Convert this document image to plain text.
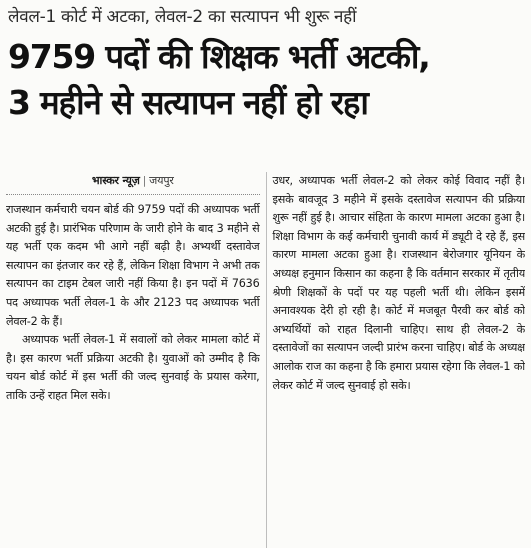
लेवल-1 कोर्ट में अटका, लेवल-2 का सत्यापन भी शुरू नहीं
9759 पदों की शिक्षक भर्ती अटकी,
3 महीने से सत्यापन नहीं हो रहा
भास्कर न्यूज़ | जयपुर

राजस्थान कर्मचारी चयन बोर्ड की 9759 पदों की अध्यापक भर्ती अटकी हुई है। प्रारंभिक परिणाम के जारी होने के बाद 3 महीने से यह भर्ती एक कदम भी आगे नहीं बढ़ी है। अभ्यर्थी दस्तावेज सत्यापन का इंतजार कर रहे हैं, लेकिन शिक्षा विभाग ने अभी तक सत्यापन का टाइम टेबल जारी नहीं किया है। इन पदों में 7636 पद अध्यापक भर्ती लेवल-1 के और 2123 पद अध्यापक भर्ती लेवल-2 के हैं।

अध्यापक भर्ती लेवल-1 में सवालों को लेकर मामला कोर्ट में है। इस कारण भर्ती प्रक्रिया अटकी है। युवाओं को उम्मीद है कि चयन बोर्ड कोर्ट में इस भर्ती की जल्द सुनवाई के प्रयास करेगा, ताकि उन्हें राहत मिल सके।

उधर, अध्यापक भर्ती लेवल-2 को लेकर कोई विवाद नहीं है। इसके बावजूद 3 महीने में इसके दस्तावेज सत्यापन की प्रक्रिया शुरू नहीं हुई है। आचार संहिता के कारण मामला अटका हुआ है। शिक्षा विभाग के कई कर्मचारी चुनावी कार्य में ड्यूटी दे रहे हैं, इस कारण मामला अटका हुआ है। राजस्थान बेरोजगार यूनियन के अध्यक्ष हनुमान किसान का कहना है कि वर्तमान सरकार में तृतीय श्रेणी शिक्षकों के पदों पर यह पहली भर्ती थी। लेकिन इसमें अनावश्यक देरी हो रही है। कोर्ट में मजबूत पैरवी कर बोर्ड को अभ्यर्थियों को राहत दिलानी चाहिए। साथ ही लेवल-2 के दस्तावेजों का सत्यापन जल्दी प्रारंभ करना चाहिए। बोर्ड के अध्यक्ष आलोक राज का कहना है कि हमारा प्रयास रहेगा कि लेवल-1 को लेकर कोर्ट में जल्द सुनवाई हो सके।
